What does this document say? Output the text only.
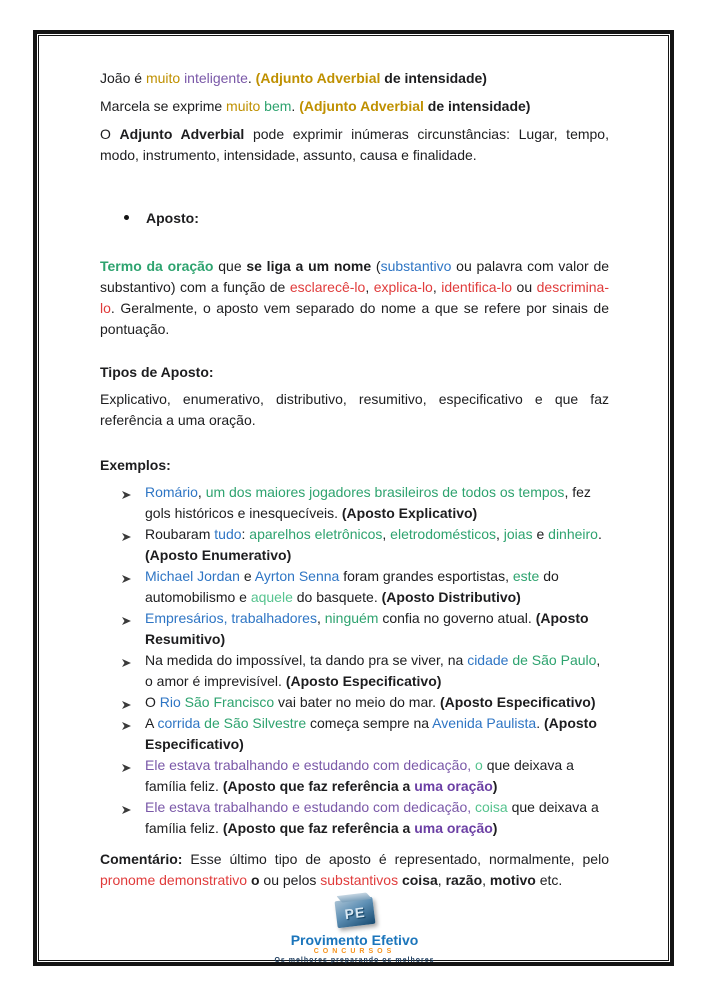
João é muito inteligente. (Adjunto Adverbial de intensidade)

Marcela se exprime muito bem. (Adjunto Adverbial de intensidade)

O Adjunto Adverbial pode exprimir inúmeras circunstâncias: Lugar, tempo, modo, instrumento, intensidade, assunto, causa e finalidade.

Aposto:

Termo da oração que se liga a um nome (substantivo ou palavra com valor de substantivo) com a função de esclarecê-lo, explica-lo, identifica-lo ou descrimina-lo. Geralmente, o aposto vem separado do nome a que se refere por sinais de pontuação.

Tipos de Aposto:

Explicativo, enumerativo, distributivo, resumitivo, especificativo e que faz referência a uma oração.

Exemplos:
Romário, um dos maiores jogadores brasileiros de todos os tempos, fez gols históricos e inesquecíveis. (Aposto Explicativo)
Roubaram tudo: aparelhos eletrônicos, eletrodomésticos, joias e dinheiro. (Aposto Enumerativo)
Michael Jordan e Ayrton Senna foram grandes esportistas, este do automobilismo e aquele do basquete. (Aposto Distributivo)
Empresários, trabalhadores, ninguém confia no governo atual. (Aposto Resumitivo)
Na medida do impossível, ta dando pra se viver, na cidade de São Paulo, o amor é imprevisível. (Aposto Especificativo)
O Rio São Francisco vai bater no meio do mar. (Aposto Especificativo)
A corrida de São Silvestre começa sempre na Avenida Paulista. (Aposto Especificativo)
Ele estava trabalhando e estudando com dedicação, o que deixava a família feliz. (Aposto que faz referência a uma oração)
Ele estava trabalhando e estudando com dedicação, coisa que deixava a família feliz. (Aposto que faz referência a uma oração)

Comentário: Esse último tipo de aposto é representado, normalmente, pelo pronome demonstrativo o ou pelos substantivos coisa, razão, motivo etc.

PE
Provimento Efetivo
CONCURSOS
Os melhores preparando os melhores
